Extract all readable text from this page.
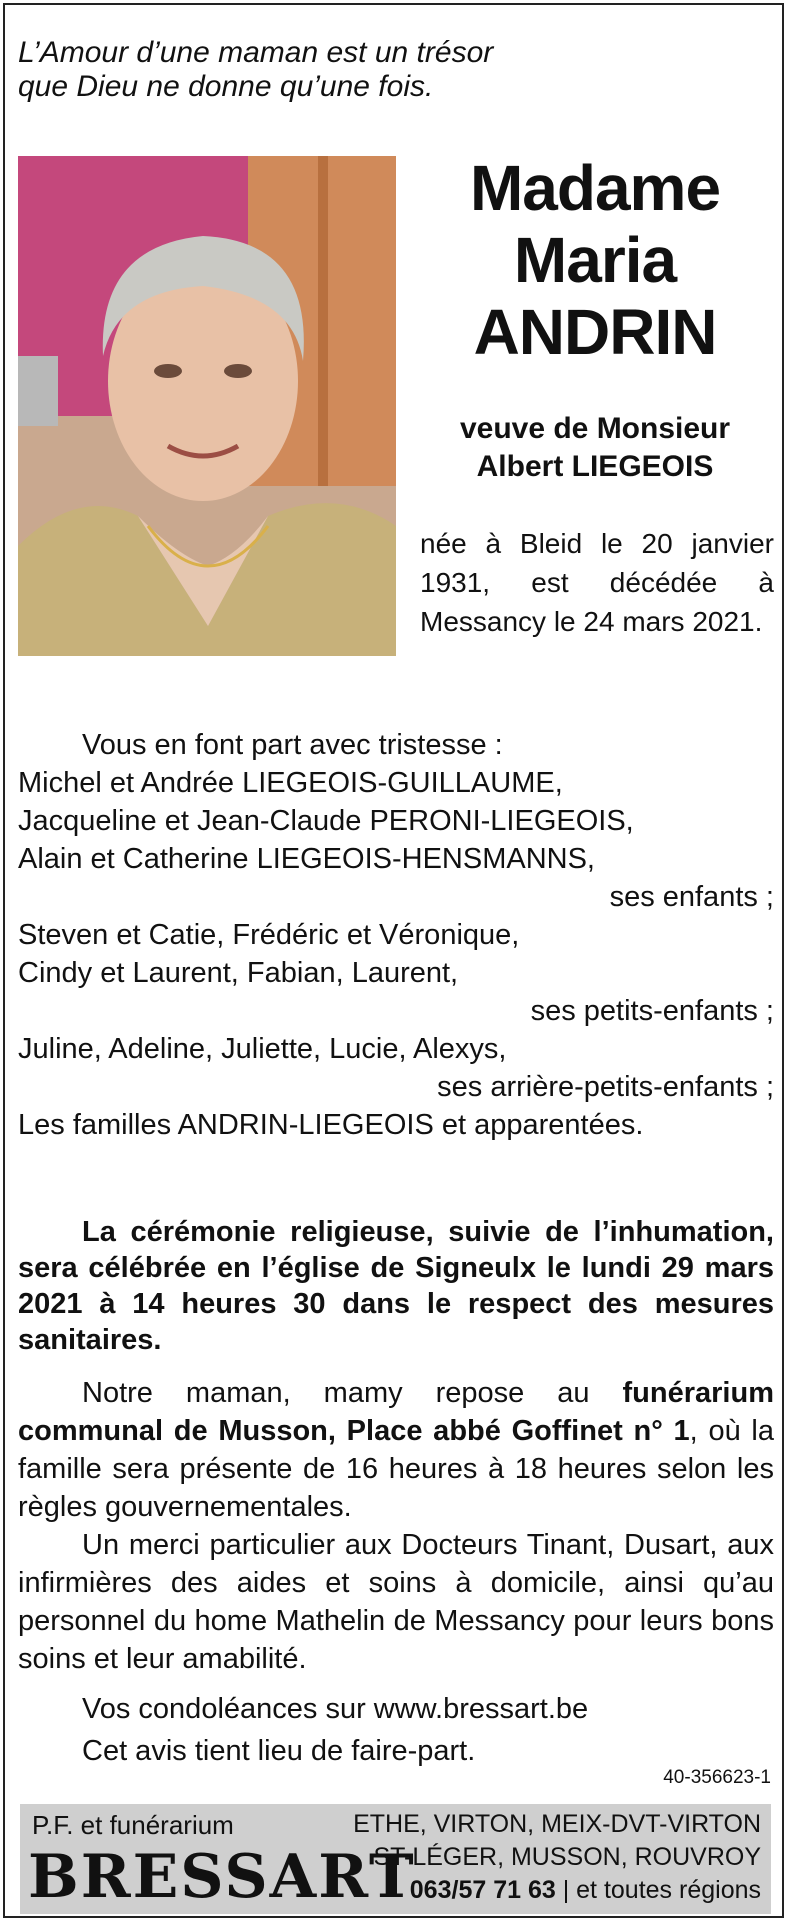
L’Amour d’une maman est un trésor
que Dieu ne donne qu’une fois.
Madame
Maria
ANDRIN
veuve de Monsieur
Albert LIEGEOIS
née à Bleid le 20 janvier 1931, est décédée à Messancy le 24 mars 2021.
Vous en font part avec tristesse :
Michel et Andrée LIEGEOIS-GUILLAUME,
Jacqueline et Jean-Claude PERONI-LIEGEOIS,
Alain et Catherine LIEGEOIS-HENSMANNS,
ses enfants ;
Steven et Catie, Frédéric et Véronique,
Cindy et Laurent, Fabian, Laurent,
ses petits-enfants ;
Juline, Adeline, Juliette, Lucie, Alexys,
ses arrière-petits-enfants ;
Les familles ANDRIN-LIEGEOIS et apparentées.
La cérémonie religieuse, suivie de l’inhumation, sera célébrée en l’église de Signeulx le lundi 29 mars 2021 à 14 heures 30 dans le respect des mesures sanitaires.
Notre maman, mamy repose au funérarium communal de Musson, Place abbé Goffinet n° 1, où la famille sera présente de 16 heures à 18 heures selon les règles gouvernementales.
Un merci particulier aux Docteurs Tinant, Dusart, aux infirmières des aides et soins à domicile, ainsi qu’au personnel du home Mathelin de Messancy pour leurs bons soins et leur amabilité.
Vos condoléances sur www.bressart.be
Cet avis tient lieu de faire-part.
40-356623-1
P.F. et funérarium
BRESSART
ETHE, VIRTON, MEIX-DVT-VIRTON
ST-LÉGER, MUSSON, ROUVROY
063/57 71 63 | et toutes régions
